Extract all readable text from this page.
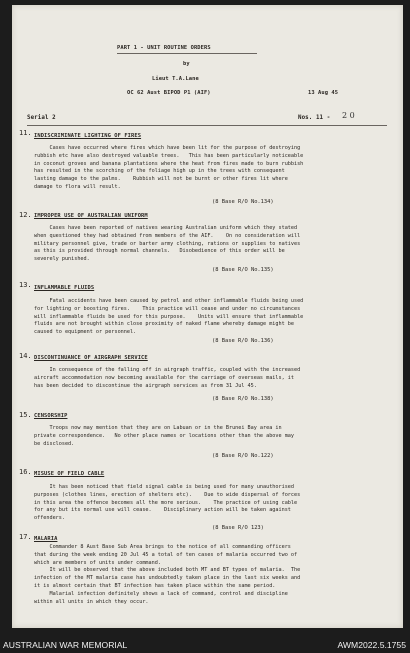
PART 1 - UNIT ROUTINE ORDERS
by
Lieut T.A.Lane
OC 62 Aust BIPOD P1 (AIF)	13 Aug 45
Serial 2	Nos. 11 - 2 0
11. INDISCRIMINATE LIGHTING OF FIRES
Cases have occurred where fires which have been lit for the purpose of destroying
rubbish etc have also destroyed valuable trees.   This has been particularly noticeable
in coconut groves and banana plantations where the heat from fires made to burn rubbish
has resulted in the scorching of the foliage high up in the trees with consequent
lasting damage to the palms.    Rubbish will not be burnt or other fires lit where
damage to flora will result.
(8 Base R/O No.134)
12. IMPROPER USE OF AUSTRALIAN UNIFORM
Cases have been reported of natives wearing Australian uniform which they stated
when questioned they had obtained from members of the AIF.    On no consideration will
military personnel give, trade or barter army clothing, rations or supplies to natives
as this is provided through normal channels.   Disobedience of this order will be
severely punished.
(8 Base R/O No.135)
13. INFLAMMABLE FLUIDS
Fatal accidents have been caused by petrol and other inflammable fluids being used
for lighting or boosting fires.    This practice will cease and under no circumstances
will inflammable fluids be used for this purpose.    Units will ensure that inflammable
fluids are not brought within close proximity of naked flame whereby damage might be
caused to equipment or personnel.
(8 Base R/O No.136)
14. DISCONTINUANCE OF AIRGRAPH SERVICE
In consequence of the falling off in airgraph traffic, coupled with the increased
aircraft accommodation now becoming available for the carriage of overseas mails, it
has been decided to discontinue the airgraph services as from 31 Jul 45.
(8 Base R/O No.138)
15. CENSORSHIP
Troops now may mention that they are on Labuan or in the Brunei Bay area in
private correspondence.   No other place names or locations other than the above may
be disclosed.
(8 Base R/O No.122)
16. MISUSE OF FIELD CABLE
It has been noticed that field signal cable is being used for many unauthorised
purposes (clothes lines, erection of shelters etc).    Due to wide dispersal of forces
in this area the offence becomes all the more serious.    The practice of using cable
for any but its normal use will cease.    Disciplinary action will be taken against
offenders.
(8 Base R/O 123)
17. MALARIA
Commander 8 Aust Base Sub Area brings to the notice of all commanding officers
that during the week ending 20 Jul 45 a total of ten cases of malaria occurred two of
which are members of units under command.
It will be observed that the above included both MT and BT types of malaria.  The
infection of the MT malaria case has undoubtedly taken place in the last six weeks and
it is almost certain that BT infection has taken place within the same period.
Malarial infection definitely shows a lack of command, control and discipline
within all units in which they occur.
AUSTRALIAN WAR MEMORIAL	AWM2022.5.1755
